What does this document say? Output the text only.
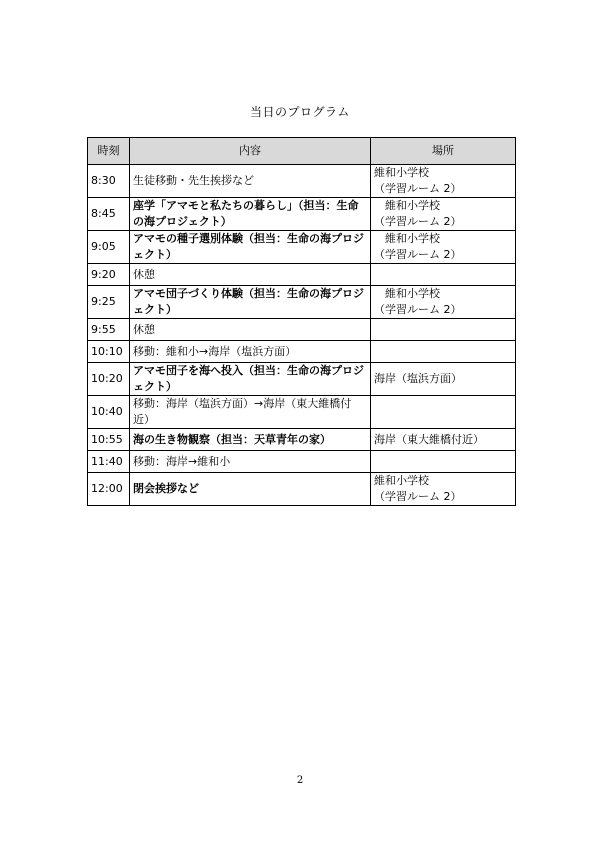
当日のプログラム
時刻	内容	場所
8:30	生徒移動・先生挨拶など	維和小学校
（学習ルーム 2）
8:45	座学「アマモと私たちの暮らし」（担当：生命の海プロジェクト）	　維和小学校
（学習ルーム 2）
9:05	アマモの種子選別体験（担当：生命の海プロジェクト）	　維和小学校
（学習ルーム 2）
9:20	休憩	
9:25	アマモ団子づくり体験（担当：生命の海プロジェクト）	　維和小学校
（学習ルーム 2）
9:55	休憩	
10:10	移動：維和小→海岸（塩浜方面）	
10:20	アマモ団子を海へ投入（担当：生命の海プロジェクト）	海岸（塩浜方面）
10:40	移動：海岸（塩浜方面）→海岸（東大維橋付近）	
10:55	海の生き物観察（担当：天草青年の家）	海岸（東大維橋付近）
11:40	移動：海岸→維和小	
12:00	閉会挨拶など	維和小学校
（学習ルーム 2）
2
